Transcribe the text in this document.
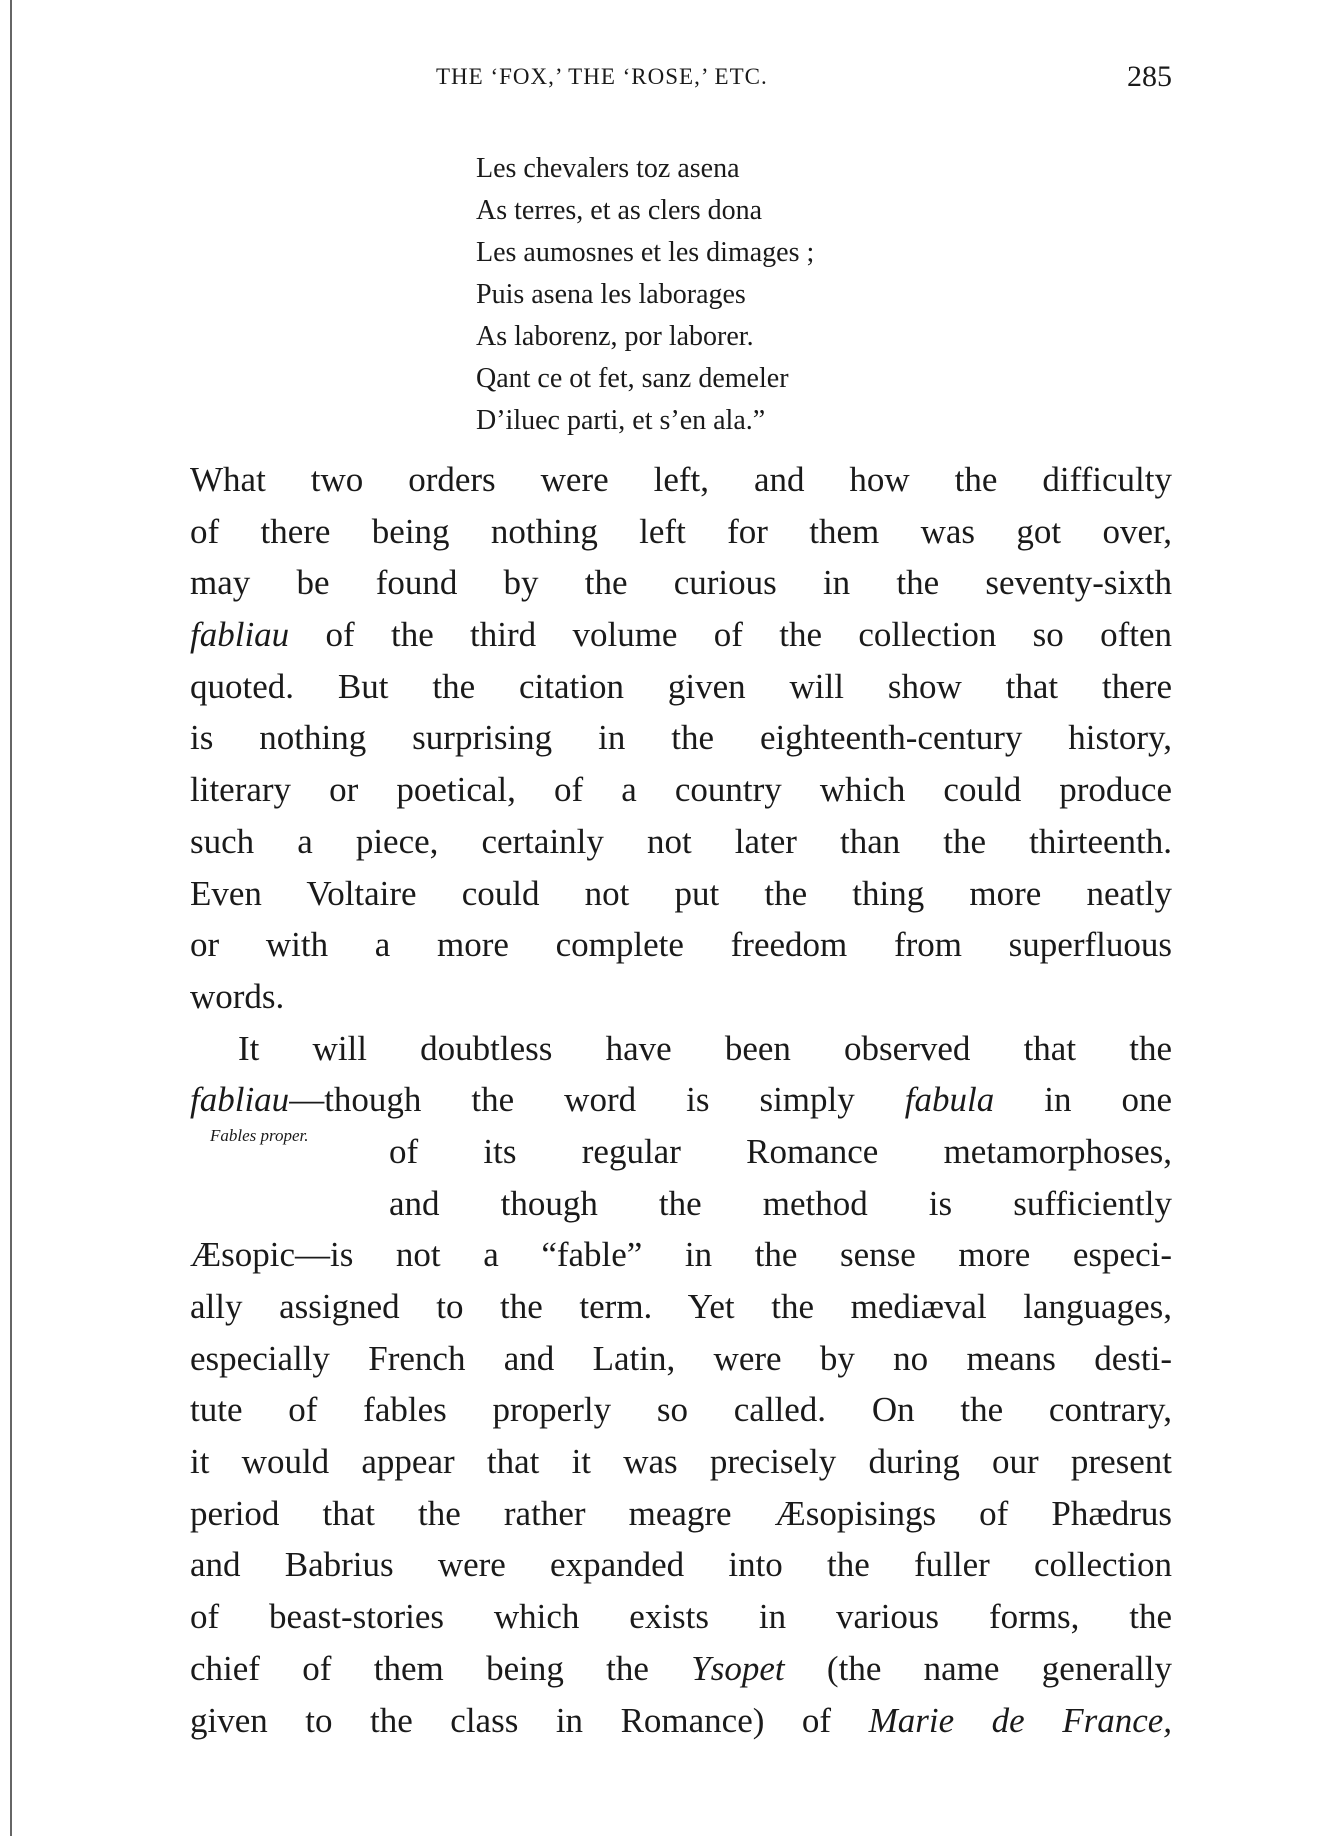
THE ‘FOX,’ THE ‘ROSE,’ ETC.	285
Les chevalers toz asena
As terres, et as clers dona
Les aumosnes et les dimages ;
Puis asena les laborages
As laborenz, por laborer.
Qant ce ot fet, sanz demeler
D’iluec parti, et s’en ala.”
Fables proper.
What two orders were left, and how the difficulty
of there being nothing left for them was got over,
may be found by the curious in the seventy-sixth
fabliau of the third volume of the collection so often
quoted. But the citation given will show that there
is nothing surprising in the eighteenth-century history,
literary or poetical, of a country which could produce
such a piece, certainly not later than the thirteenth.
Even Voltaire could not put the thing more neatly
or with a more complete freedom from superfluous
words.
It will doubtless have been observed that the
fabliau—though the word is simply fabula in one
of its regular Romance metamorphoses,
and though the method is sufficiently
Æsopic—is not a “fable” in the sense more especi-
ally assigned to the term. Yet the mediæval languages,
especially French and Latin, were by no means desti-
tute of fables properly so called. On the contrary,
it would appear that it was precisely during our present
period that the rather meagre Æsopisings of Phædrus
and Babrius were expanded into the fuller collection
of beast-stories which exists in various forms, the
chief of them being the Ysopet (the name generally
given to the class in Romance) of Marie de France,
